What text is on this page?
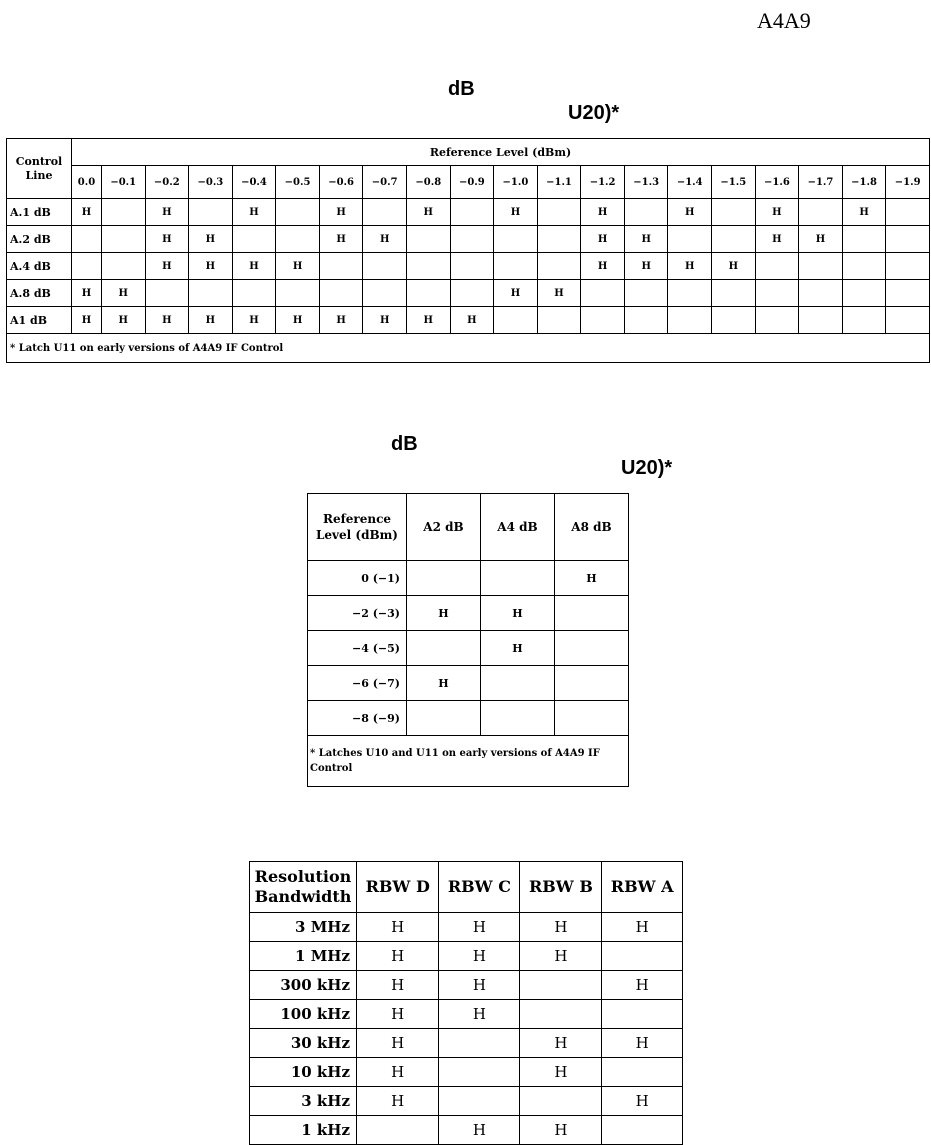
A4A9
dB
U20)*
dB
U20)*
Control Line	Reference Level (dBm)																			
	0.0	−0.1	−0.2	−0.3	−0.4	−0.5	−0.6	−0.7	−0.8	−0.9	−1.0	−1.1	−1.2	−1.3	−1.4	−1.5	−1.6	−1.7	−1.8	−1.9
A.1 dB	H		H		H		H		H		H		H		H		H		H	
A.2 dB			H	H			H	H					H	H			H	H		
A.4 dB			H	H	H	H							H	H	H	H				
A.8 dB	H	H									H	H								
A1 dB	H	H	H	H	H	H	H	H	H	H										
* Latch U11 on early versions of A4A9 IF Control																				
Reference Level (dBm)	A2 dB	A4 dB	A8 dB
0 (−1)			H
−2 (−3)	H	H	
−4 (−5)		H	
−6 (−7)	H		
−8 (−9)			
* Latches U10 and U11 on early versions of A4A9 IF Control			
Resolution Bandwidth	RBW D	RBW C	RBW B	RBW A
3 MHz	H	H	H	H
1 MHz	H	H	H	
300 kHz	H	H		H
100 kHz	H	H		
30 kHz	H		H	H
10 kHz	H		H	
3 kHz	H			H
1 kHz		H	H	
